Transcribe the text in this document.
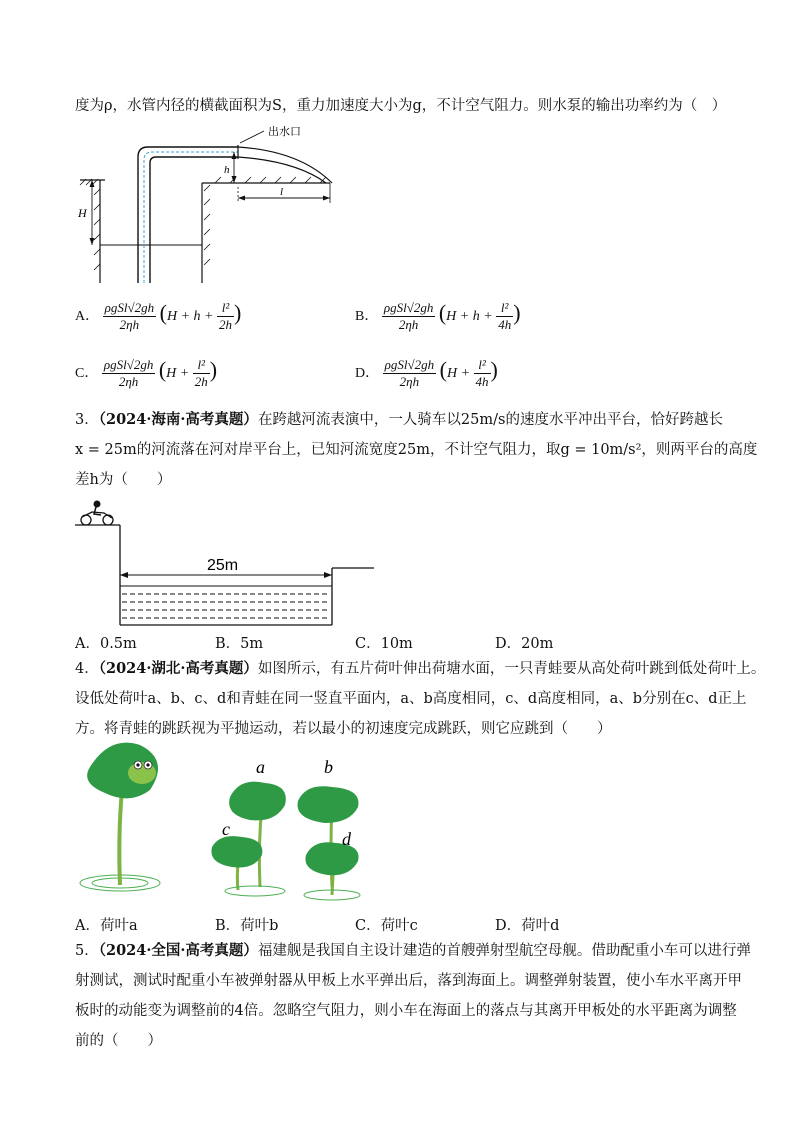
度为ρ，水管内径的横截面积为S，重力加速度大小为g，不计空气阻力。则水泵的输出功率约为（　）
出水口
h
H
l
A． $\frac{\text{ρgSl√2gh}}{2\eta h} (H + h + \frac{\text{l²}}{2h}$ )	B． $\frac{\text{ρgSl√2gh}}{2\eta h} (H + h + \frac{\text{l²}}{4h}$ )
C． $\frac{\text{ρgSl√2gh}}{2\eta h} (H + \frac{\text{l²}}{2h}$ )	D． $\frac{\text{ρgSl√2gh}}{2\eta h} (H + \frac{\text{l²}}{4h}$ )
3．（2024·海南·高考真题）在跨越河流表演中，一人骑车以25m/s的速度水平冲出平台，恰好跨越长
x = 25m的河流落在河对岸平台上，已知河流宽度25m，不计空气阻力，取g = 10m/s²，则两平台的高度
差h为（　　）
25m
A．0.5m	B．5m	C．10m	D．20m
4．（2024·湖北·高考真题）如图所示，有五片荷叶伸出荷塘水面，一只青蛙要从高处荷叶跳到低处荷叶上。
设低处荷叶a、b、c、d和青蛙在同一竖直平面内，a、b高度相同，c、d高度相同，a、b分别在c、d正上
方。将青蛙的跳跃视为平抛运动，若以最小的初速度完成跳跃，则它应跳到（　　）
a	b
c	d
A．荷叶a	B．荷叶b	C．荷叶c	D．荷叶d
5．（2024·全国·高考真题）福建舰是我国自主设计建造的首艘弹射型航空母舰。借助配重小车可以进行弹
射测试，测试时配重小车被弹射器从甲板上水平弹出后，落到海面上。调整弹射装置，使小车水平离开甲
板时的动能变为调整前的4倍。忽略空气阻力，则小车在海面上的落点与其离开甲板处的水平距离为调整
前的（　　）
